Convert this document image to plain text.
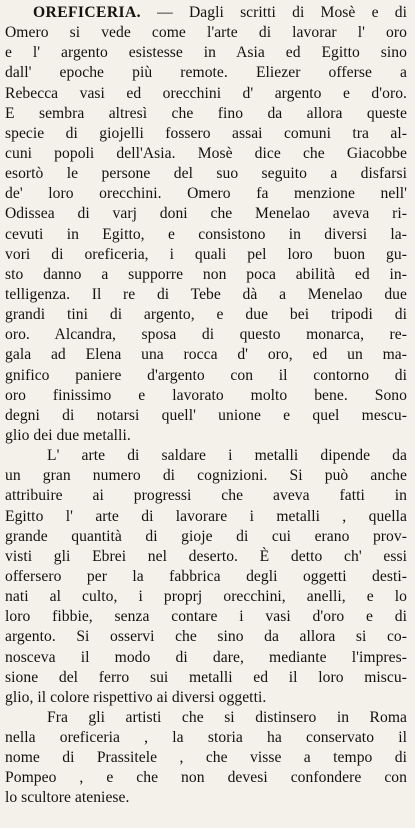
OREFICERIA. — Dagli scritti di Mosè e di
Omero si vede come l'arte di lavorar l' oro
e l' argento esistesse in Asia ed Egitto sino
dall' epoche più remote. Eliezer offerse a
Rebecca vasi ed orecchini d' argento e d'oro.
E sembra altresì che fino da allora queste
specie di giojelli fossero assai comuni tra al-
cuni popoli dell'Asia. Mosè dice che Giacobbe
esortò le persone del suo seguito a disfarsi
de' loro orecchini. Omero fa menzione nell'
Odissea di varj doni che Menelao aveva ri-
cevuti in Egitto, e consistono in diversi la-
vori di oreficeria, i quali pel loro buon gu-
sto danno a supporre non poca abilità ed in-
telligenza. Il re di Tebe dà a Menelao due
grandi tini di argento, e due bei tripodi di
oro. Alcandra, sposa di questo monarca, re-
gala ad Elena una rocca d' oro, ed un ma-
gnifico paniere d'argento con il contorno di
oro finissimo e lavorato molto bene. Sono
degni di notarsi quell' unione e quel mescu-
glio dei due metalli.
L' arte di saldare i metalli dipende da
un gran numero di cognizioni. Si può anche
attribuire ai progressi che aveva fatti in
Egitto l' arte di lavorare i metalli , quella
grande quantità di gioje di cui erano prov-
visti gli Ebrei nel deserto. È detto ch' essi
offersero per la fabbrica degli oggetti desti-
nati al culto, i proprj orecchini, anelli, e lo
loro fibbie, senza contare i vasi d'oro e di
argento. Si osservi che sino da allora si co-
nosceva il modo di dare, mediante l'impres-
sione del ferro sui metalli ed il loro miscu-
glio, il colore rispettivo ai diversi oggetti.
Fra gli artisti che si distinsero in Roma
nella oreficeria , la storia ha conservato il
nome di Prassitele , che visse a tempo di
Pompeo , e che non devesi confondere con
lo scultore ateniese.
